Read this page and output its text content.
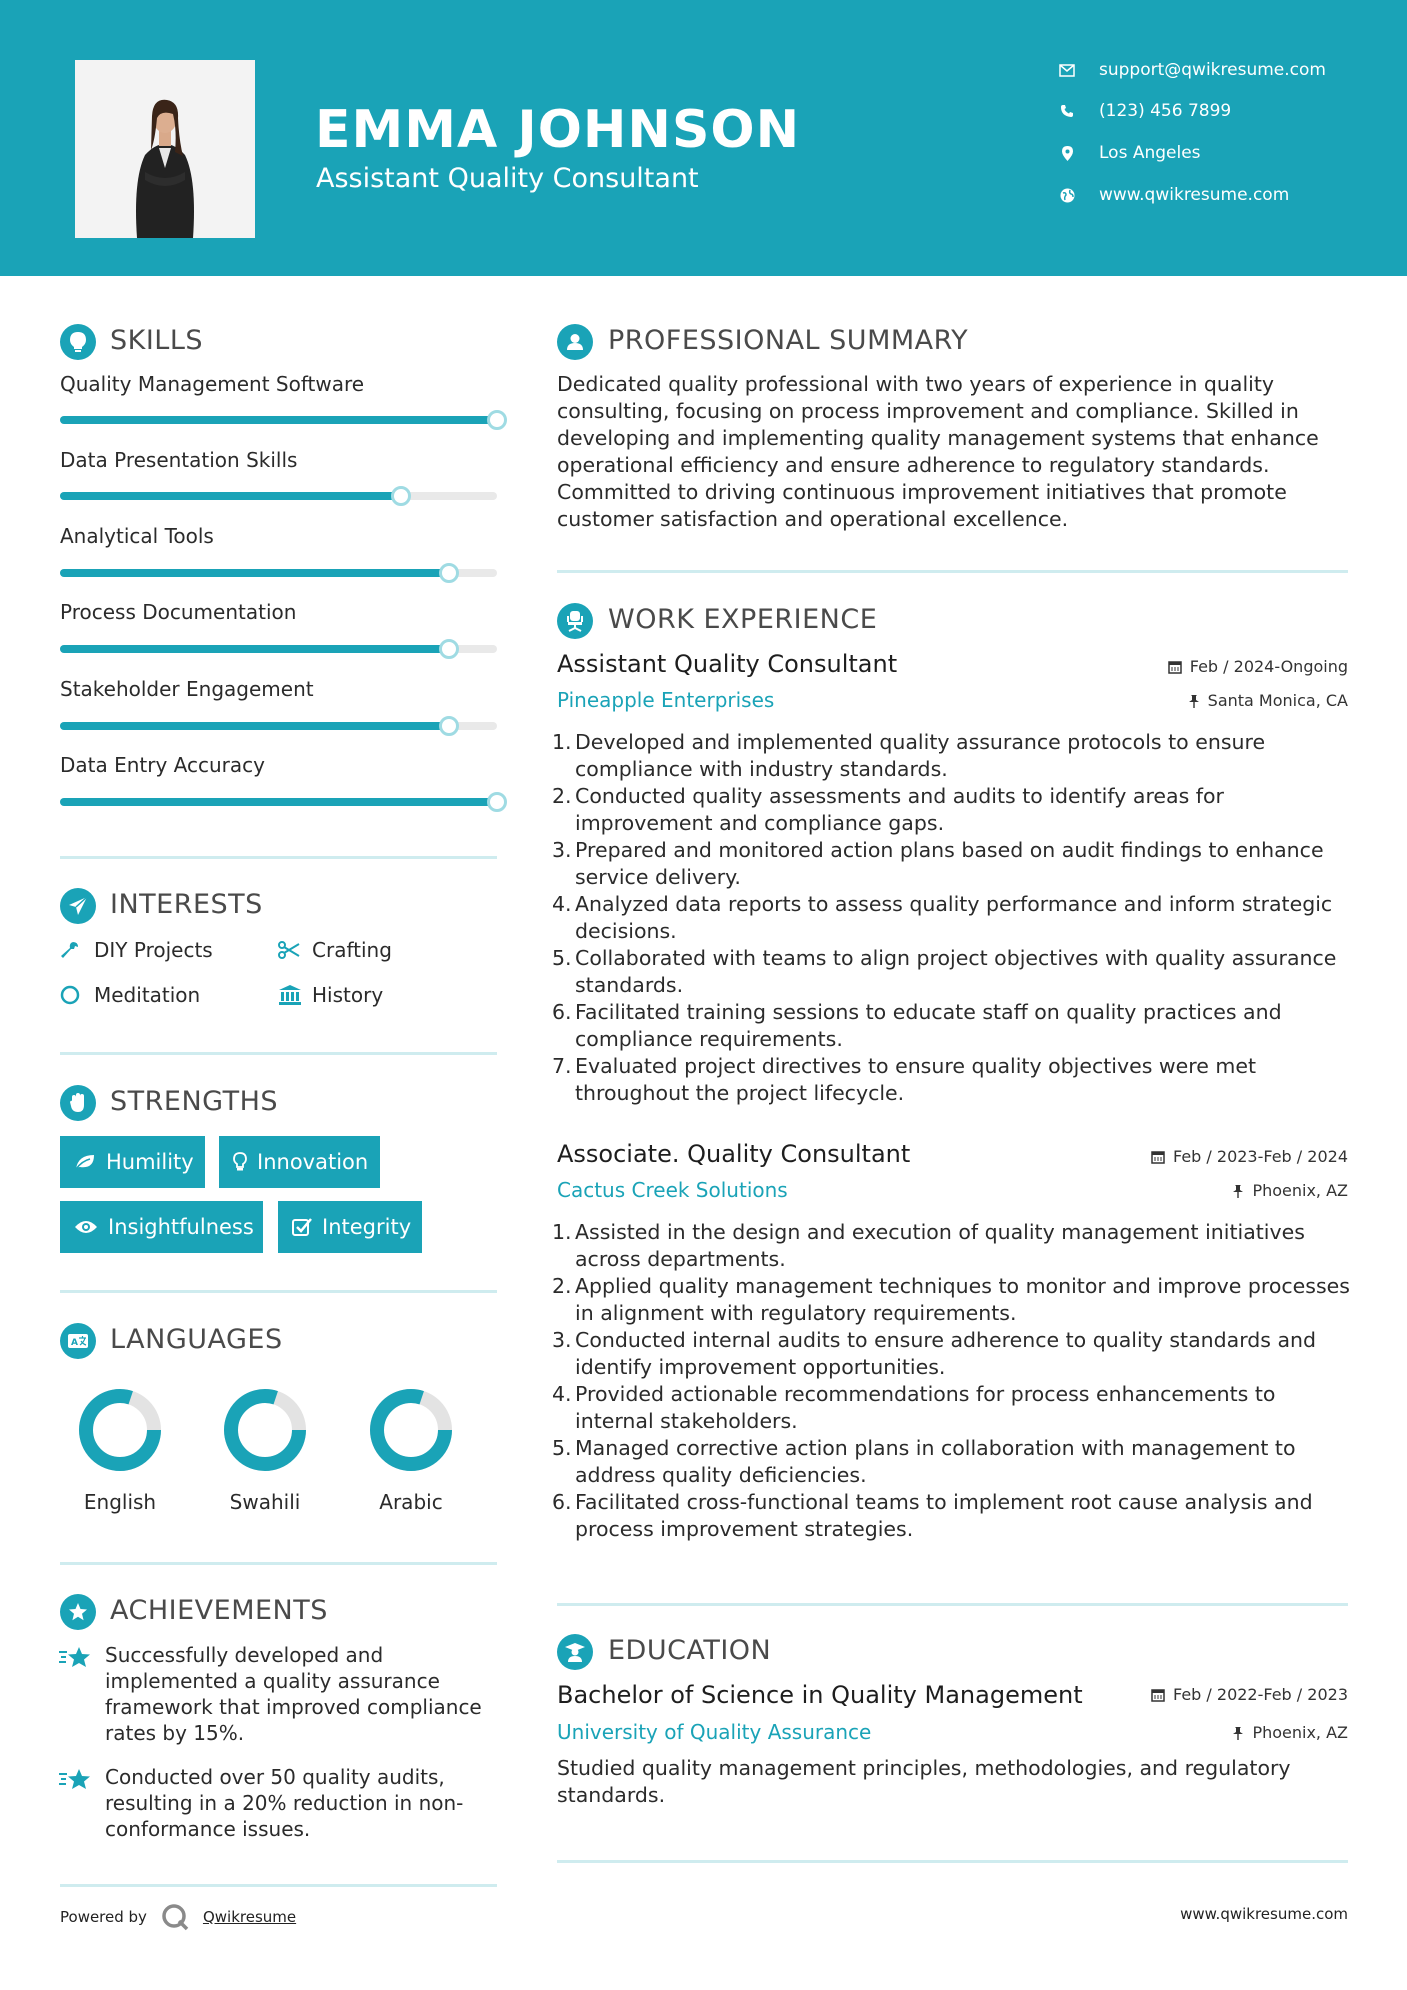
EMMA JOHNSON
Assistant Quality Consultant
support@qwikresume.com
(123) 456 7899
Los Angeles
www.qwikresume.com
SKILLS
Quality Management Software
Data Presentation Skills
Analytical Tools
Process Documentation
Stakeholder Engagement
Data Entry Accuracy
INTERESTS
DIY Projects	Crafting
Meditation	History
STRENGTHS
Humility	Innovation
Insightfulness	Integrity
A LANGUAGES
English	Swahili	Arabic
ACHIEVEMENTS
Successfully developed and implemented a quality assurance framework that improved compliance rates by 15%.
Conducted over 50 quality audits, resulting in a 20% reduction in non-conformance issues.
PROFESSIONAL SUMMARY
Dedicated quality professional with two years of experience in quality consulting, focusing on process improvement and compliance. Skilled in developing and implementing quality management systems that enhance operational efficiency and ensure adherence to regulatory standards. Committed to driving continuous improvement initiatives that promote customer satisfaction and operational excellence.
WORK EXPERIENCE
Assistant Quality Consultant	Feb / 2024-Ongoing
Pineapple Enterprises	Santa Monica, CA
1. Developed and implemented quality assurance protocols to ensure compliance with industry standards.
2. Conducted quality assessments and audits to identify areas for improvement and compliance gaps.
3. Prepared and monitored action plans based on audit findings to enhance service delivery.
4. Analyzed data reports to assess quality performance and inform strategic decisions.
5. Collaborated with teams to align project objectives with quality assurance standards.
6. Facilitated training sessions to educate staff on quality practices and compliance requirements.
7. Evaluated project directives to ensure quality objectives were met throughout the project lifecycle.
Associate. Quality Consultant	Feb / 2023-Feb / 2024
Cactus Creek Solutions	Phoenix, AZ
1. Assisted in the design and execution of quality management initiatives across departments.
2. Applied quality management techniques to monitor and improve processes in alignment with regulatory requirements.
3. Conducted internal audits to ensure adherence to quality standards and identify improvement opportunities.
4. Provided actionable recommendations for process enhancements to internal stakeholders.
5. Managed corrective action plans in collaboration with management to address quality deficiencies.
6. Facilitated cross-functional teams to implement root cause analysis and process improvement strategies.
EDUCATION
Bachelor of Science in Quality Management	Feb / 2022-Feb / 2023
University of Quality Assurance	Phoenix, AZ
Studied quality management principles, methodologies, and regulatory standards.
Powered by	Qwikresume	www.qwikresume.com
